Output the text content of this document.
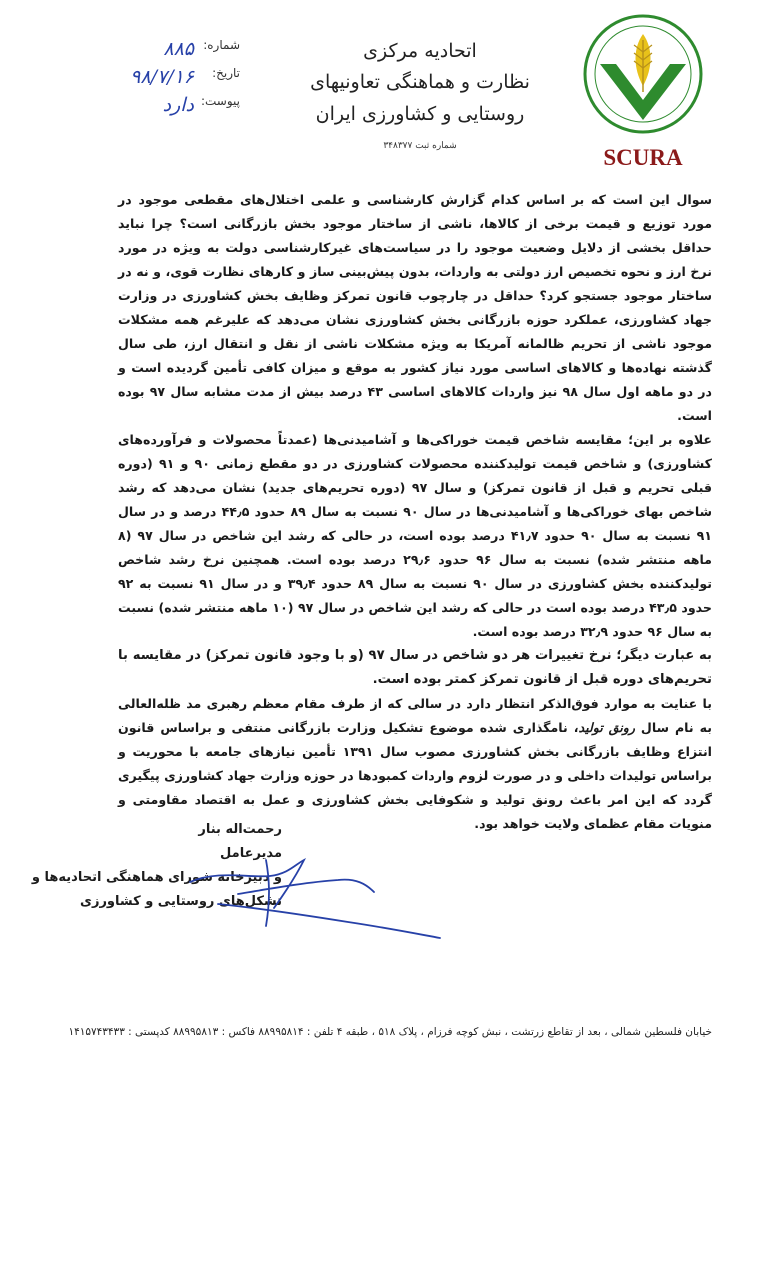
SCURA
اتحادیه مرکزی
نظارت و هماهنگی تعاونیهای
روستایی و کشاورزی ایران
شماره ثبت ۳۴۸۳۷۷
شماره:
۸۸۵
تاریخ:
۹۸/۷/۱۶
پیوست:
دارد

سوال این است که بر اساس کدام گزارش کارشناسی و علمی اختلال‌های مقطعی موجود در مورد توزیع و قیمت برخی از کالاها، ناشی از ساختار موجود بخش بازرگانی است؟ چرا نباید حداقل بخشی از دلایل وضعیت موجود را در سیاست‌های غیرکارشناسی دولت به ویژه در مورد نرخ ارز و نحوه تخصیص ارز دولتی به واردات، بدون پیش‌بینی ساز و کارهای نظارت قوی، و نه در ساختار موجود جستجو کرد؟ حداقل در چارچوب قانون تمرکز وظایف بخش کشاورزی در وزارت جهاد کشاورزی، عملکرد حوزه بازرگانی بخش کشاورزی نشان می‌دهد که علیرغم همه مشکلات موجود ناشی از تحریم ظالمانه آمریکا به ویژه مشکلات ناشی از نقل و انتقال ارز، طی سال گذشته نهاده‌ها و کالاهای اساسی مورد نیاز کشور به موقع و میزان کافی تأمین گردیده است و در دو ماهه اول سال ۹۸ نیز واردات کالاهای اساسی ۴۳ درصد بیش از مدت مشابه سال ۹۷ بوده است.

علاوه بر این؛ مقایسه شاخص قیمت خوراکی‌ها و آشامیدنی‌ها (عمدتاً محصولات و فرآورده‌های کشاورزی) و شاخص قیمت تولیدکننده محصولات کشاورزی در دو مقطع زمانی ۹۰ و ۹۱ (دوره قبلی تحریم و قبل از قانون تمرکز) و سال ۹۷ (دوره تحریم‌های جدید) نشان می‌دهد که رشد شاخص بهای خوراکی‌ها و آشامیدنی‌ها در سال ۹۰ نسبت به سال ۸۹ حدود ۴۴٫۵ درصد و در سال ۹۱ نسبت به سال ۹۰ حدود ۴۱٫۷ درصد بوده است، در حالی که رشد این شاخص در سال ۹۷ (۸ ماهه منتشر شده) نسبت به سال ۹۶ حدود ۲۹٫۶ درصد بوده است. همچنین نرخ رشد شاخص تولیدکننده بخش کشاورزی در سال ۹۰ نسبت به سال ۸۹ حدود ۳۹٫۴ و در سال ۹۱ نسبت به ۹۲ حدود ۴۳٫۵ درصد بوده است در حالی که رشد این شاخص در سال ۹۷ (۱۰ ماهه منتشر شده) نسبت به سال ۹۶ حدود ۳۲٫۹ درصد بوده است.

به عبارت دیگر؛ نرخ تغییرات هر دو شاخص در سال ۹۷ (و با وجود قانون تمرکز) در مقایسه با تحریم‌های دوره قبل از قانون تمرکز کمتر بوده است.

با عنایت به موارد فوق‌الذکر انتظار دارد در سالی که از طرف مقام معظم رهبری مد ظله‌العالی به نام سال رونق تولید، نامگذاری شده موضوع تشکیل وزارت بازرگانی منتفی و براساس قانون انتزاع وظایف بازرگانی بخش کشاورزی مصوب سال ۱۳۹۱ تأمین نیازهای جامعه با محوریت و براساس تولیدات داخلی و در صورت لزوم واردات کمبودها در حوزه وزارت جهاد کشاورزی پیگیری گردد که این امر باعث رونق تولید و شکوفایی بخش کشاورزی و عمل به اقتصاد مقاومتی و منویات مقام عظمای ولایت خواهد بود.

رحمت‌اله بنار
مدیرعامل
و دبیرخانه شورای هماهنگی اتحادیه‌ها و
تشکل‌های روستایی و کشاورزی
خیابان فلسطین شمالی ، بعد از تقاطع زرتشت ، نبش کوچه فرزام ، پلاک ۵۱۸ ، طبقه ۴ تلفن : ۸۸۹۹۵۸۱۴ فاکس : ۸۸۹۹۵۸۱۳ کدپستی : ۱۴۱۵۷۴۳۴۳۳
